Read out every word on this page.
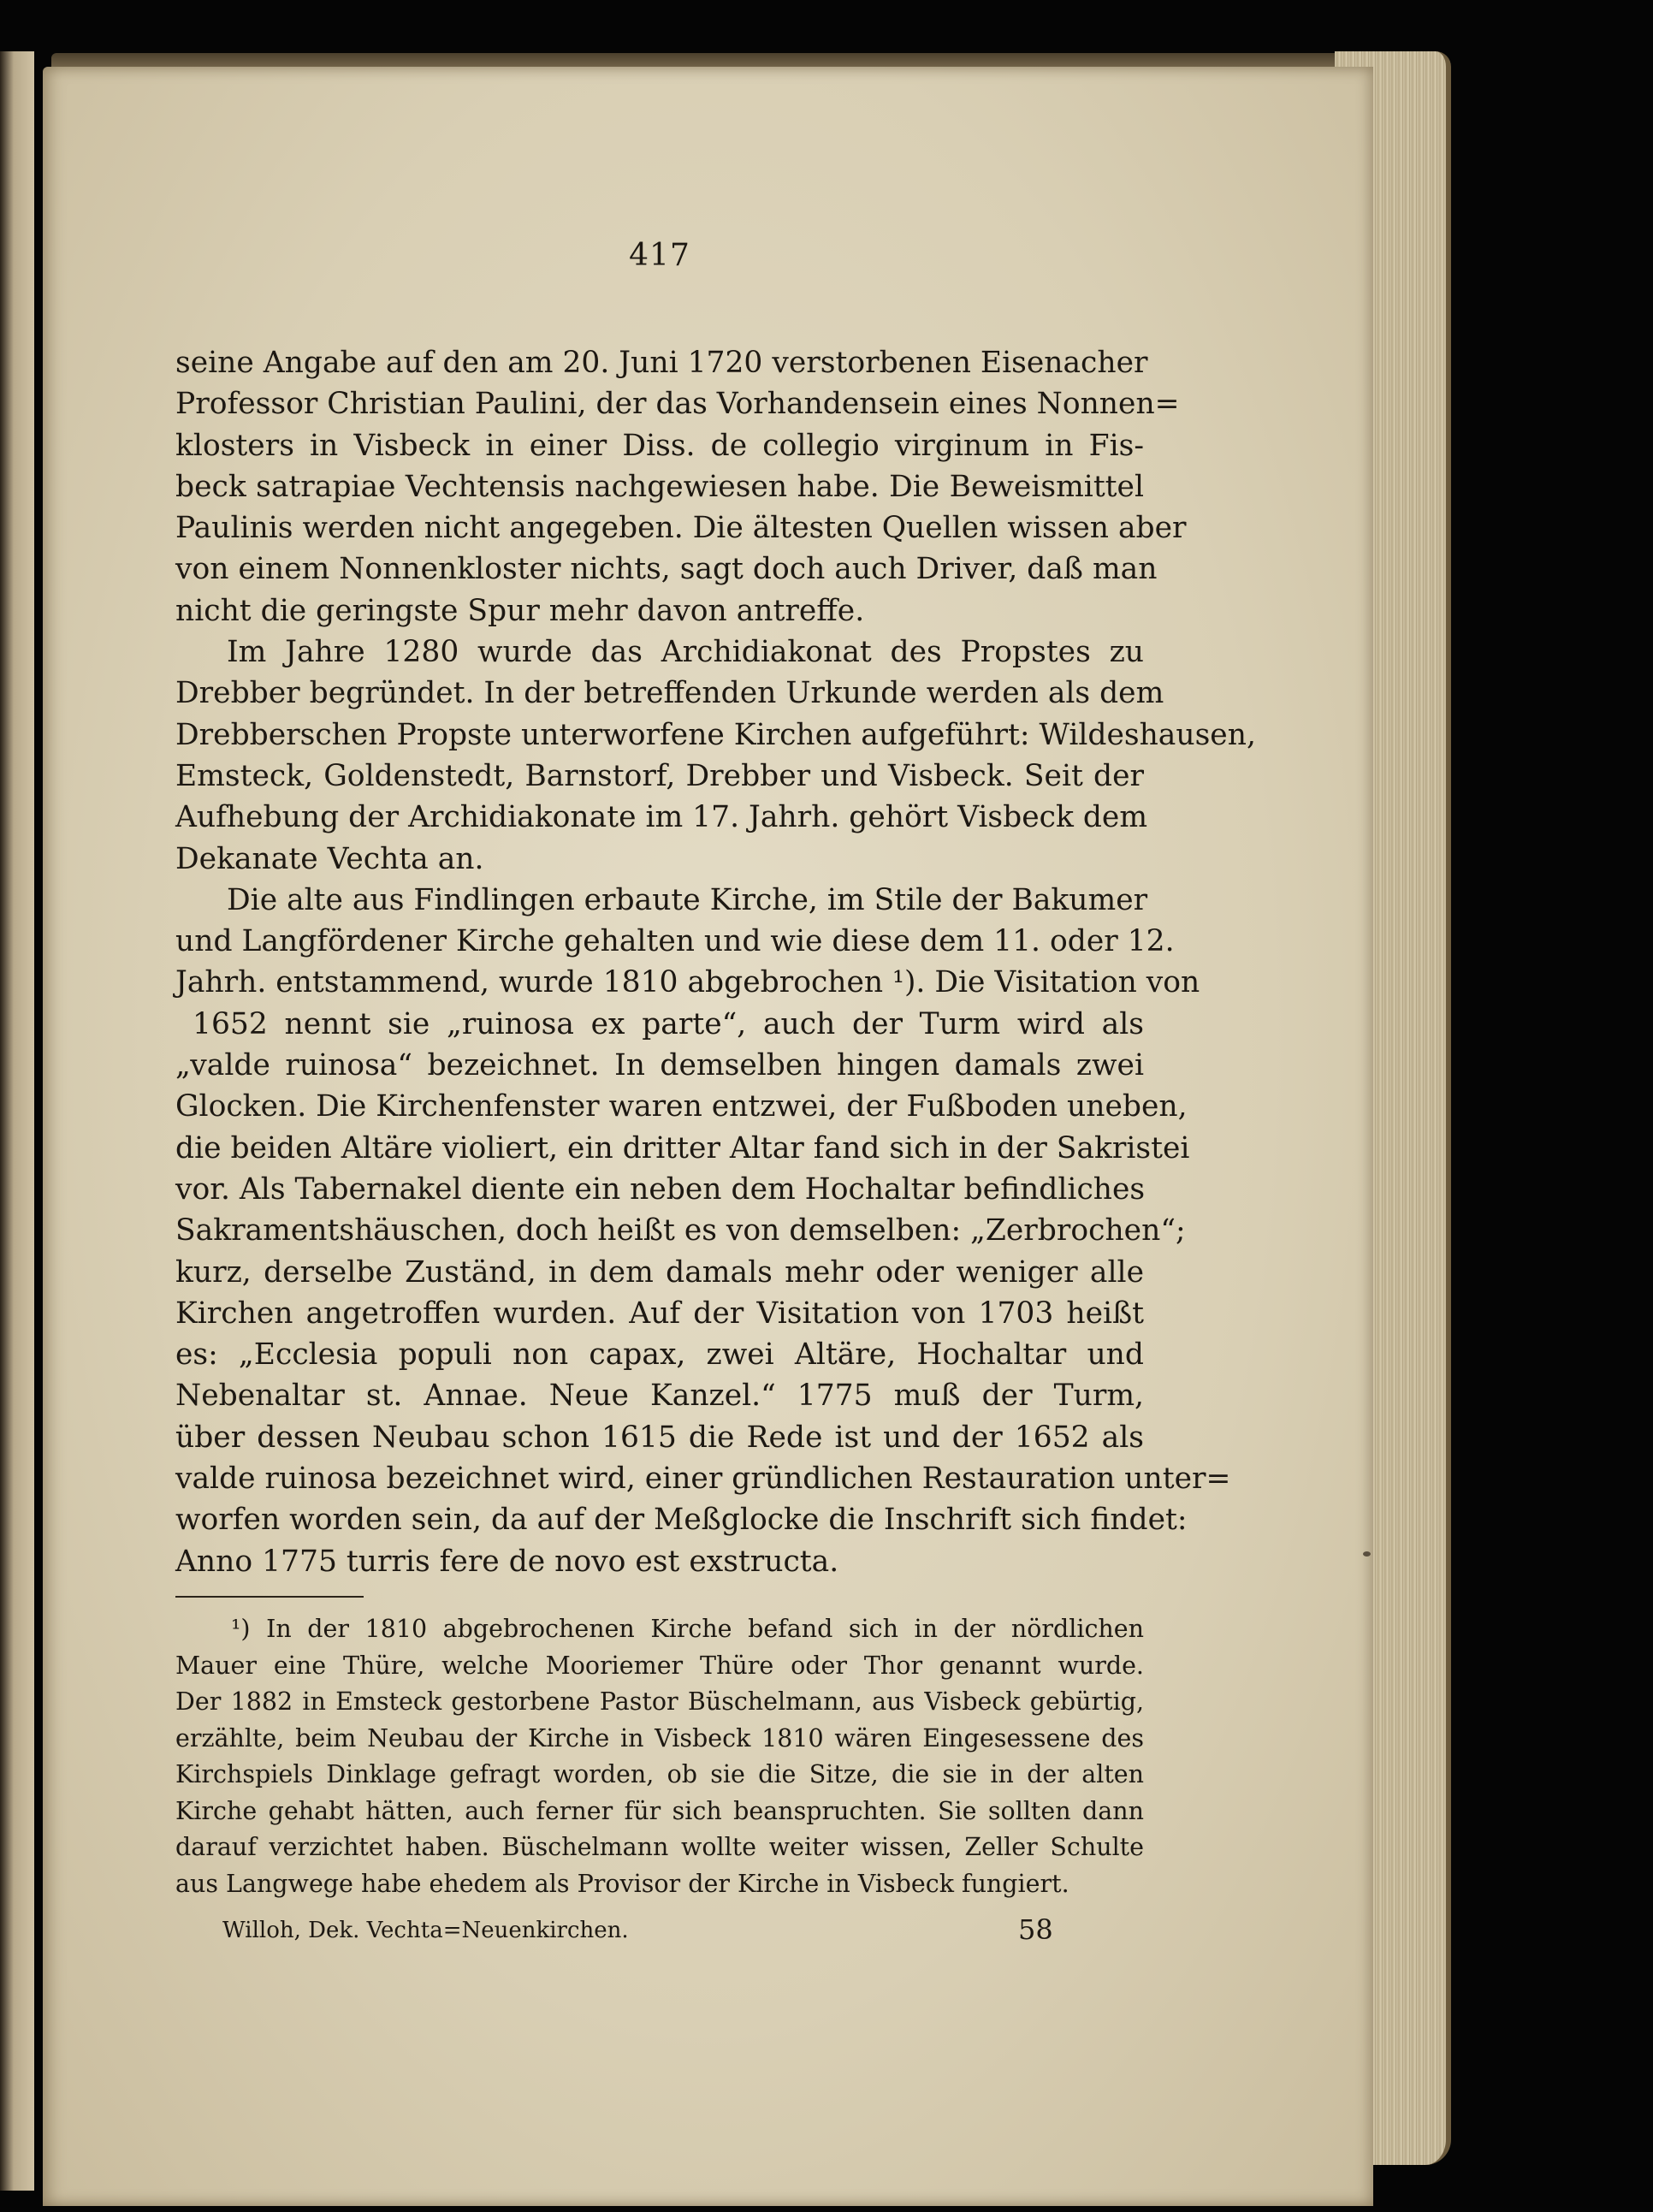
417

seine Angabe auf den am 20. Juni 1720 verstorbenen Eisenacher

Professor Christian Paulini, der das Vorhandensein eines Nonnen=

klosters in Visbeck in einer Diss. de collegio virginum in Fis-

beck satrapiae Vechtensis nachgewiesen habe. Die Beweismittel

Paulinis werden nicht angegeben. Die ältesten Quellen wissen aber

von einem Nonnenkloster nichts, sagt doch auch Driver, daß man

nicht die geringste Spur mehr davon antreffe.

Im Jahre 1280 wurde das Archidiakonat des Propstes zu

Drebber begründet. In der betreffenden Urkunde werden als dem

Drebberschen Propste unterworfene Kirchen aufgeführt: Wildeshausen,

Emsteck, Goldenstedt, Barnstorf, Drebber und Visbeck. Seit der

Aufhebung der Archidiakonate im 17. Jahrh. gehört Visbeck dem

Dekanate Vechta an.

Die alte aus Findlingen erbaute Kirche, im Stile der Bakumer

und Langfördener Kirche gehalten und wie diese dem 11. oder 12.

Jahrh. entstammend, wurde 1810 abgebrochen ¹). Die Visitation von

1652 nennt sie „ruinosa ex parte“, auch der Turm wird als

„valde ruinosa“ bezeichnet. In demselben hingen damals zwei

Glocken. Die Kirchenfenster waren entzwei, der Fußboden uneben,

die beiden Altäre violiert, ein dritter Altar fand sich in der Sakristei

vor. Als Tabernakel diente ein neben dem Hochaltar befindliches

Sakramentshäuschen, doch heißt es von demselben: „Zerbrochen“;

kurz, derselbe Zuständ, in dem damals mehr oder weniger alle

Kirchen angetroffen wurden. Auf der Visitation von 1703 heißt

es: „Ecclesia populi non capax, zwei Altäre, Hochaltar und

Nebenaltar st. Annae. Neue Kanzel.“ 1775 muß der Turm,

über dessen Neubau schon 1615 die Rede ist und der 1652 als

valde ruinosa bezeichnet wird, einer gründlichen Restauration unter=

worfen worden sein, da auf der Meßglocke die Inschrift sich findet:

Anno 1775 turris fere de novo est exstructa.

¹) In der 1810 abgebrochenen Kirche befand sich in der nördlichen

Mauer eine Thüre, welche Mooriemer Thüre oder Thor genannt wurde.

Der 1882 in Emsteck gestorbene Pastor Büschelmann, aus Visbeck gebürtig,

erzählte, beim Neubau der Kirche in Visbeck 1810 wären Eingesessene des

Kirchspiels Dinklage gefragt worden, ob sie die Sitze, die sie in der alten

Kirche gehabt hätten, auch ferner für sich beanspruchten. Sie sollten dann

darauf verzichtet haben. Büschelmann wollte weiter wissen, Zeller Schulte

aus Langwege habe ehedem als Provisor der Kirche in Visbeck fungiert.

Willoh, Dek. Vechta=Neuenkirchen.	58
